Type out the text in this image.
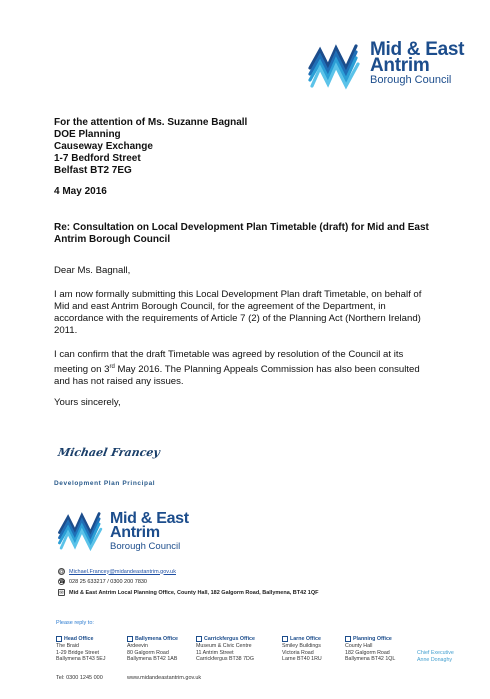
Mid & East
Antrim
Borough Council
For the attention of Ms. Suzanne Bagnall
DOE Planning
Causeway Exchange
1-7 Bedford Street
Belfast BT2 7EG
4 May 2016
Re: Consultation on Local Development Plan Timetable (draft) for Mid and East
Antrim Borough Council
Dear Ms. Bagnall,
I am now formally submitting this Local Development Plan draft Timetable, on behalf of
Mid and east Antrim Borough Council, for the agreement of the Department, in
accordance with the requirements of Article 7 (2) of the Planning Act (Northern Ireland)
2011.
I can confirm that the draft Timetable was agreed by resolution of the Council at its
meeting on 3rd May 2016. The Planning Appeals Commission has also been consulted
and has not raised any issues.
Yours sincerely,
Michael Francey
Development Plan Principal
Mid & East
Antrim
Borough Council
@ Michael.Francey@midandeastantrim.gov.uk
☎ 028 25 633217 / 0300 200 7830
✉ Mid & East Antrim Local Planning Office, County Hall, 182 Galgorm Road, Ballymena, BT42 1QF
Please reply to:
Head Office
The Braid
1-29 Bridge Street
Ballymena BT43 5EJ
Ballymena Office
Ardeevin
80 Galgorm Road
Ballymena BT42 1AB
Carrickfergus Office
Museum & Civic Centre
11 Antrim Street
Carrickfergus BT38 7DG
Larne Office
Smiley Buildings
Victoria Road
Larne BT40 1RU
Planning Office
County Hall
182 Galgorm Road
Ballymena BT42 1QL
Chief Executive
Anne Donaghy
Tel: 0300 1245 000	www.midandeastantrim.gov.uk
